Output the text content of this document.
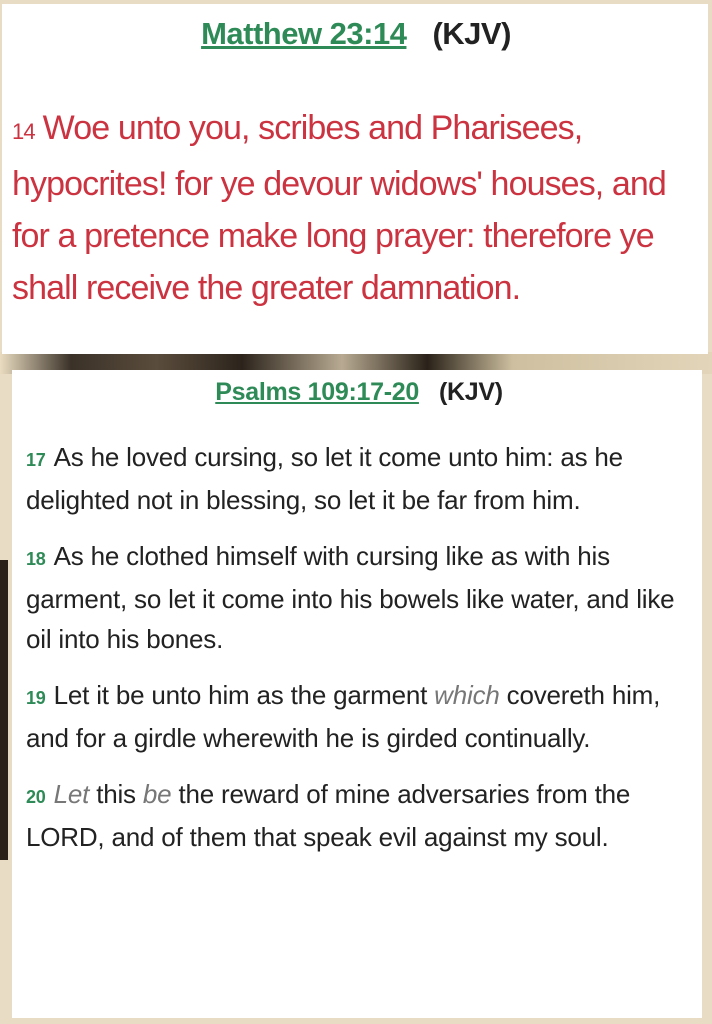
Matthew 23:14 (KJV)
14 Woe unto you, scribes and Pharisees, hypocrites! for ye devour widows' houses, and for a pretence make long prayer: therefore ye shall receive the greater damnation.
Psalms 109:17-20 (KJV)
17 As he loved cursing, so let it come unto him: as he delighted not in blessing, so let it be far from him.
18 As he clothed himself with cursing like as with his garment, so let it come into his bowels like water, and like oil into his bones.
19 Let it be unto him as the garment which covereth him, and for a girdle wherewith he is girded continually.
20 Let this be the reward of mine adversaries from the LORD, and of them that speak evil against my soul.
